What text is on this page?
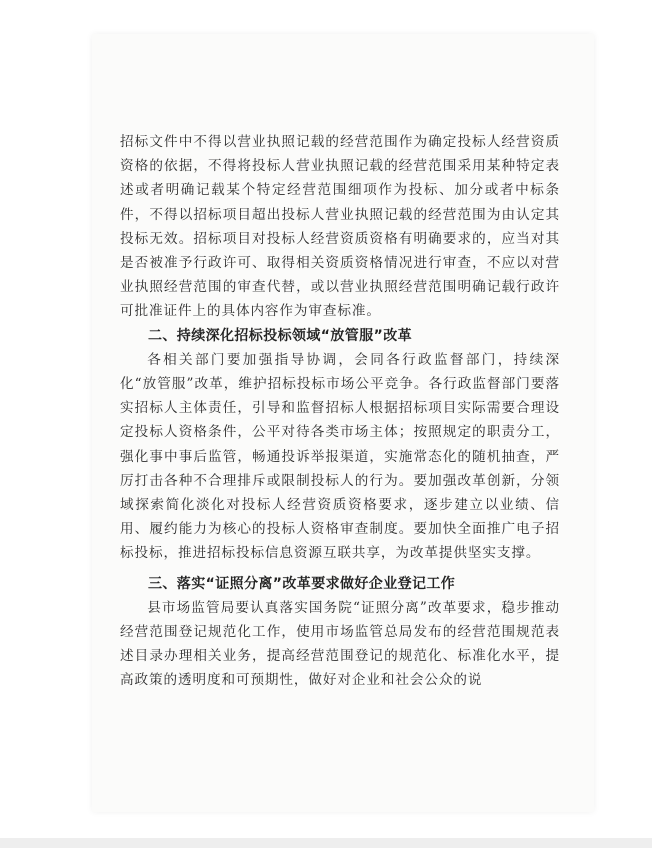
招标文件中不得以营业执照记载的经营范围作为确定投标人经营资质资格的依据，不得将投标人营业执照记载的经营范围采用某种特定表述或者明确记载某个特定经营范围细项作为投标、加分或者中标条件，不得以招标项目超出投标人营业执照记载的经营范围为由认定其投标无效。招标项目对投标人经营资质资格有明确要求的，应当对其是否被准予行政许可、取得相关资质资格情况进行审查，不应以对营业执照经营范围的审查代替，或以营业执照经营范围明确记载行政许可批准证件上的具体内容作为审查标准。

二、持续深化招标投标领域“放管服”改革

各相关部门要加强指导协调，会同各行政监督部门，持续深化“放管服”改革，维护招标投标市场公平竞争。各行政监督部门要落实招标人主体责任，引导和监督招标人根据招标项目实际需要合理设定投标人资格条件，公平对待各类市场主体；按照规定的职责分工，强化事中事后监管，畅通投诉举报渠道，实施常态化的随机抽查，严厉打击各种不合理排斥或限制投标人的行为。要加强改革创新，分领域探索简化淡化对投标人经营资质资格要求，逐步建立以业绩、信用、履约能力为核心的投标人资格审查制度。要加快全面推广电子招标投标，推进招标投标信息资源互联共享，为改革提供坚实支撑。

三、落实“证照分离”改革要求做好企业登记工作

县市场监管局要认真落实国务院“证照分离”改革要求，稳步推动经营范围登记规范化工作，使用市场监管总局发布的经营范围规范表述目录办理相关业务，提高经营范围登记的规范化、标准化水平，提高政策的透明度和可预期性，做好对企业和社会公众的说
